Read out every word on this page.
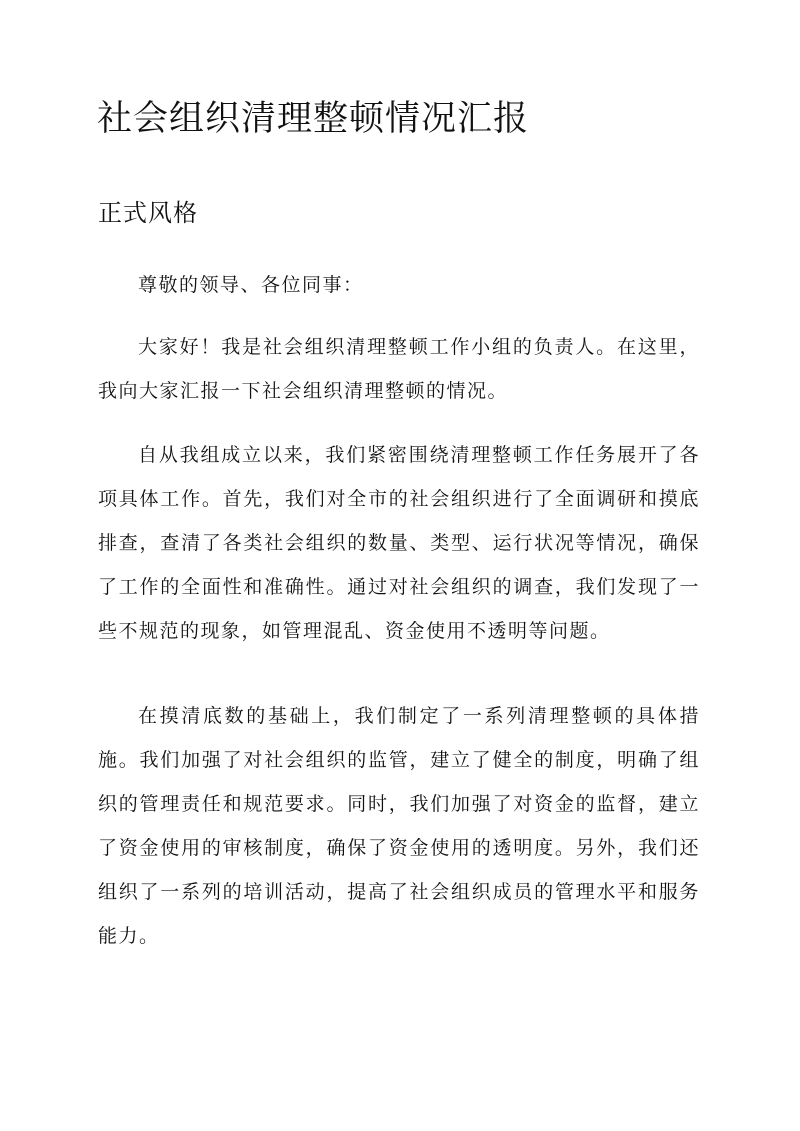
社会组织清理整顿情况汇报
正式风格

尊敬的领导、各位同事：

大家好！我是社会组织清理整顿工作小组的负责人。在这里，我向大家汇报一下社会组织清理整顿的情况。

自从我组成立以来，我们紧密围绕清理整顿工作任务展开了各项具体工作。首先，我们对全市的社会组织进行了全面调研和摸底排查，查清了各类社会组织的数量、类型、运行状况等情况，确保了工作的全面性和准确性。通过对社会组织的调查，我们发现了一些不规范的现象，如管理混乱、资金使用不透明等问题。

在摸清底数的基础上，我们制定了一系列清理整顿的具体措施。我们加强了对社会组织的监管，建立了健全的制度，明确了组织的管理责任和规范要求。同时，我们加强了对资金的监督，建立了资金使用的审核制度，确保了资金使用的透明度。另外，我们还组织了一系列的培训活动，提高了社会组织成员的管理水平和服务能力。
